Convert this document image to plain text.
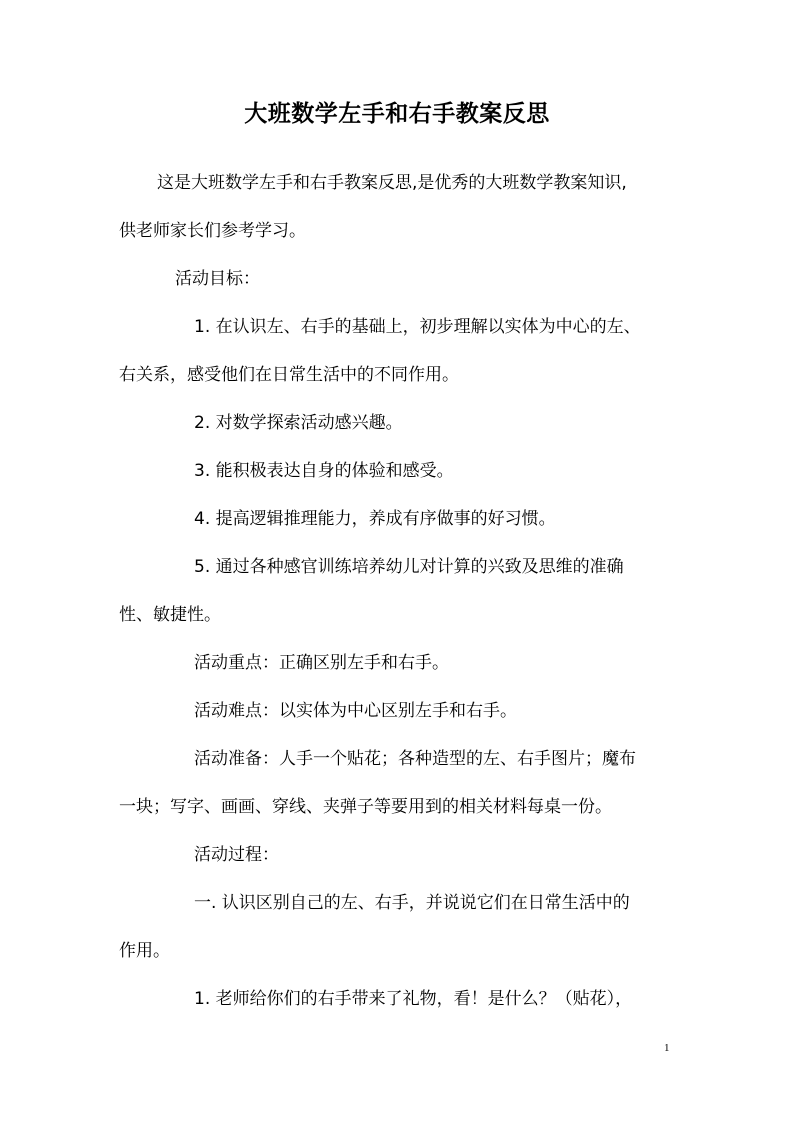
大班数学左手和右手教案反思
这是大班数学左手和右手教案反思,是优秀的大班数学教案知识,
供老师家长们参考学习。
活动目标：
1. 在认识左、右手的基础上，初步理解以实体为中心的左、
右关系，感受他们在日常生活中的不同作用。
2. 对数学探索活动感兴趣。
3. 能积极表达自身的体验和感受。
4. 提高逻辑推理能力，养成有序做事的好习惯。
5. 通过各种感官训练培养幼儿对计算的兴致及思维的准确
性、敏捷性。
活动重点：正确区别左手和右手。
活动难点：以实体为中心区别左手和右手。
活动准备：人手一个贴花；各种造型的左、右手图片；魔布
一块；写字、画画、穿线、夹弹子等要用到的相关材料每桌一份。
活动过程：
一. 认识区别自己的左、右手，并说说它们在日常生活中的
作用。
1. 老师给你们的右手带来了礼物，看！是什么？（贴花），
1
